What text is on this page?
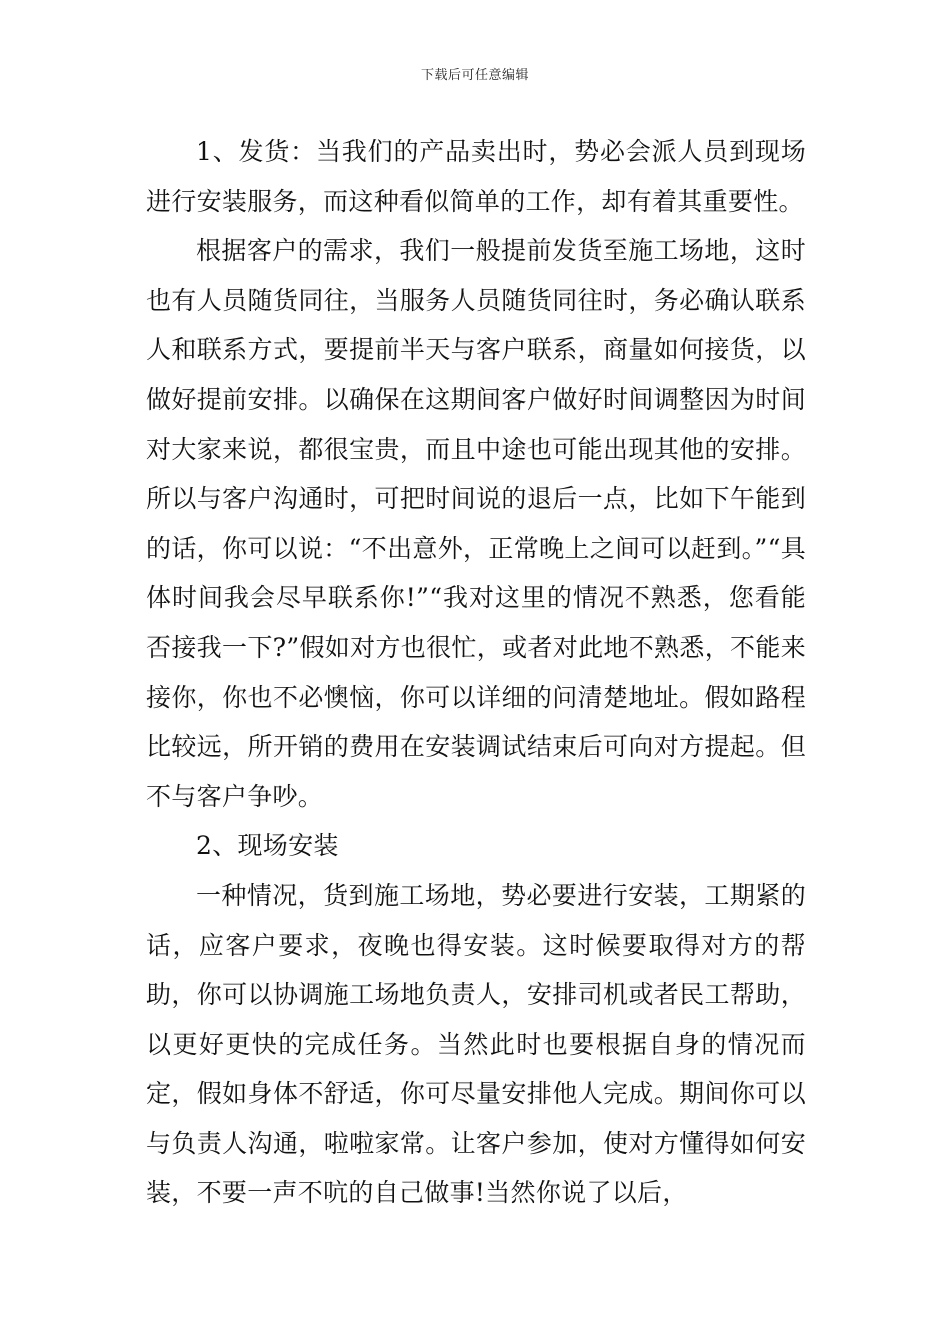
下载后可任意编辑

1、发货：当我们的产品卖出时，势必会派人员到现场进行安装服务，而这种看似简单的工作，却有着其重要性。

根据客户的需求，我们一般提前发货至施工场地，这时也有人员随货同往，当服务人员随货同往时，务必确认联系人和联系方式，要提前半天与客户联系，商量如何接货，以做好提前安排。以确保在这期间客户做好时间调整因为时间对大家来说，都很宝贵，而且中途也可能出现其他的安排。所以与客户沟通时，可把时间说的退后一点，比如下午能到的话，你可以说：“不出意外，正常晚上之间可以赶到。”“具体时间我会尽早联系你!”“我对这里的情况不熟悉，您看能否接我一下?”假如对方也很忙，或者对此地不熟悉，不能来接你，你也不必懊恼，你可以详细的问清楚地址。假如路程比较远，所开销的费用在安装调试结束后可向对方提起。但不与客户争吵。

2、现场安装

一种情况，货到施工场地，势必要进行安装，工期紧的话，应客户要求，夜晚也得安装。这时候要取得对方的帮助，你可以协调施工场地负责人，安排司机或者民工帮助，以更好更快的完成任务。当然此时也要根据自身的情况而定，假如身体不舒适，你可尽量安排他人完成。期间你可以与负责人沟通，啦啦家常。让客户参加，使对方懂得如何安装，不要一声不吭的自己做事!当然你说了以后，
